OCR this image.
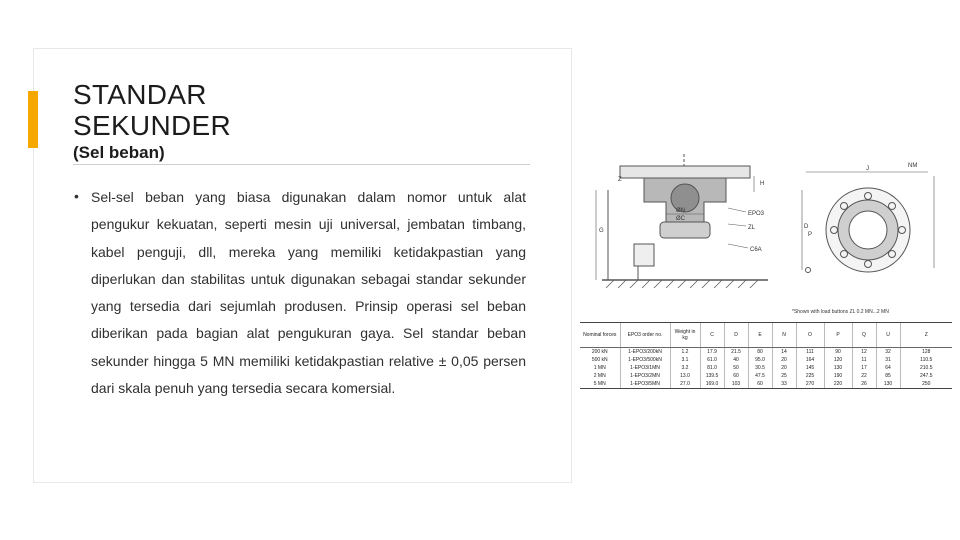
STANDAR
SEKUNDER
(Sel beban)
• Sel-sel beban yang biasa digunakan dalam nomor untuk alat pengukur kekuatan, seperti mesin uji universal, jembatan timbang, kabel penguji, dll, mereka yang memiliki ketidakpastian yang diperlukan dan stabilitas untuk digunakan sebagai standar sekunder yang tersedia dari sejumlah produsen. Prinsip operasi sel beban diberikan pada bagian alat pengukuran gaya. Sel standar beban sekunder hingga 5 MN memiliki ketidakpastian relative ± 0,05 persen dari skala penuh yang tersedia secara komersial.

Z
H
G
ØN
ØC
EPO3
ZL
C6A
NM
D
P
J
*Shown with load buttons ZL 0.2 MN...2 MN
Nominal forces	EPO3 order no.	Weight in kg	C	D	E	N	O	P	Q	U	Z
200 kN	1-EPO3/200kN	1.2	17.9	21.5	80	14	111	90	12	32	128
500 kN	1-EPO3/500kN	3.1	61.0	40	95.0	20	164	120	11	31	110.5
1 MN	1-EPO3/1MN	3.2	81.0	50	30.5	20	145	130	17	64	210.5
2 MN	1-EPO3/2MN	13.0	139.5	60	47.5	25	225	190	22	85	247.5
5 MN	1-EPO3/5MN	27.0	169.0	103	60	33	270	220	26	130	250
